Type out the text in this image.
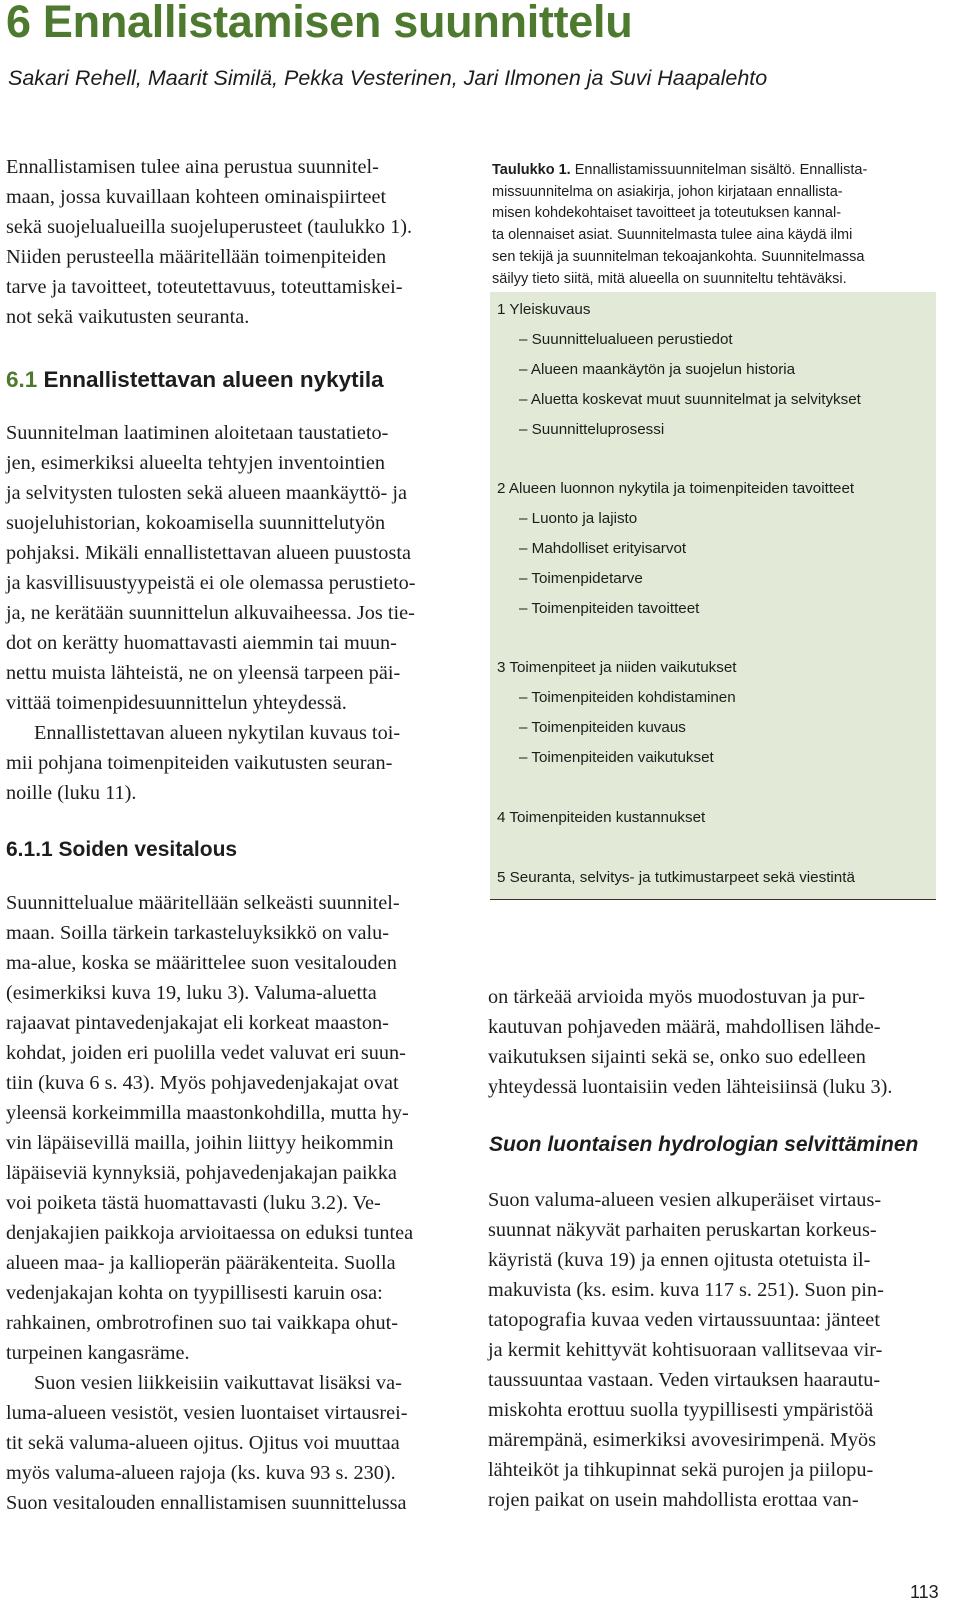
6 Ennallistamisen suunnittelu

Sakari Rehell, Maarit Similä, Pekka Vesterinen, Jari Ilmonen ja Suvi Haapalehto

Ennallistamisen tulee aina perustua suunnitel-
maan, jossa kuvaillaan kohteen ominaispiirteet
sekä suojelualueilla suojeluperusteet (taulukko 1).
Niiden perusteella määritellään toimenpiteiden
tarve ja tavoitteet, toteutettavuus, toteuttamiskei-
not sekä vaikutusten seuranta.

6.1 Ennallistettavan alueen nykytila

Suunnitelman laatiminen aloitetaan taustatieto-
jen, esimerkiksi alueelta tehtyjen inventointien
ja selvitysten tulosten sekä alueen maankäyttö- ja
suojeluhistorian, kokoamisella suunnittelutyön
pohjaksi. Mikäli ennallistettavan alueen puustosta
ja kasvillisuustyypeistä ei ole olemassa perustieto-
ja, ne kerätään suunnittelun alkuvaiheessa. Jos tie-
dot on kerätty huomattavasti aiemmin tai muun-
nettu muista lähteistä, ne on yleensä tarpeen päi-
vittää toimenpidesuunnittelun yhteydessä.
Ennallistettavan alueen nykytilan kuvaus toi-
mii pohjana toimenpiteiden vaikutusten seuran-
noille (luku 11).

6.1.1 Soiden vesitalous

Suunnittelualue määritellään selkeästi suunnitel-
maan. Soilla tärkein tarkasteluyksikkö on valu-
ma-alue, koska se määrittelee suon vesitalouden
(esimerkiksi kuva 19, luku 3). Valuma-aluetta
rajaavat pintavedenjakajat eli korkeat maaston-
kohdat, joiden eri puolilla vedet valuvat eri suun-
tiin (kuva 6 s. 43). Myös pohjavedenjakajat ovat
yleensä korkeimmilla maastonkohdilla, mutta hy-
vin läpäisevillä mailla, joihin liittyy heikommin
läpäiseviä kynnyksiä, pohjavedenjakajan paikka
voi poiketa tästä huomattavasti (luku 3.2). Ve-
denjakajien paikkoja arvioitaessa on eduksi tuntea
alueen maa- ja kallioperän pääräkenteita. Suolla
vedenjakajan kohta on tyypillisesti karuin osa:
rahkainen, ombrotrofinen suo tai vaikkapa ohut-
turpeinen kangasräme.
Suon vesien liikkeisiin vaikuttavat lisäksi va-
luma-alueen vesistöt, vesien luontaiset virtausrei-
tit sekä valuma-alueen ojitus. Ojitus voi muuttaa
myös valuma-alueen rajoja (ks. kuva 93 s. 230).
Suon vesitalouden ennallistamisen suunnittelussa

Taulukko 1. Ennallistamissuunnitelman sisältö. Ennallista-
missuunnitelma on asiakirja, johon kirjataan ennallista-
misen kohdekohtaiset tavoitteet ja toteutuksen kannal-
ta olennaiset asiat. Suunnitelmasta tulee aina käydä ilmi
sen tekijä ja suunnitelman tekoajankohta. Suunnitelmassa
säilyy tieto siitä, mitä alueella on suunniteltu tehtäväksi.

1 Yleiskuvaus
– Suunnittelualueen perustiedot
– Alueen maankäytön ja suojelun historia
– Aluetta koskevat muut suunnitelmat ja selvitykset
– Suunnitteluprosessi
2 Alueen luonnon nykytila ja toimenpiteiden tavoitteet
– Luonto ja lajisto
– Mahdolliset erityisarvot
– Toimenpidetarve
– Toimenpiteiden tavoitteet
3 Toimenpiteet ja niiden vaikutukset
– Toimenpiteiden kohdistaminen
– Toimenpiteiden kuvaus
– Toimenpiteiden vaikutukset
4 Toimenpiteiden kustannukset
5 Seuranta, selvitys- ja tutkimustarpeet sekä viestintä

on tärkeää arvioida myös muodostuvan ja pur-
kautuvan pohjaveden määrä, mahdollisen lähde-
vaikutuksen sijainti sekä se, onko suo edelleen
yhteydessä luontaisiin veden lähteisiinsä (luku 3).

Suon luontaisen hydrologian selvittäminen

Suon valuma-alueen vesien alkuperäiset virtaus-
suunnat näkyvät parhaiten peruskartan korkeus-
käyristä (kuva 19) ja ennen ojitusta otetuista il-
makuvista (ks. esim. kuva 117 s. 251). Suon pin-
tatopografia kuvaa veden virtaussuuntaa: jänteet
ja kermit kehittyvät kohtisuoraan vallitsevaa vir-
taussuuntaa vastaan. Veden virtauksen haarautu-
miskohta erottuu suolla tyypillisesti ympäristöä
märempänä, esimerkiksi avovesirimpenä. Myös
lähteiköt ja tihkupinnat sekä purojen ja piilopu-
rojen paikat on usein mahdollista erottaa van-

113
